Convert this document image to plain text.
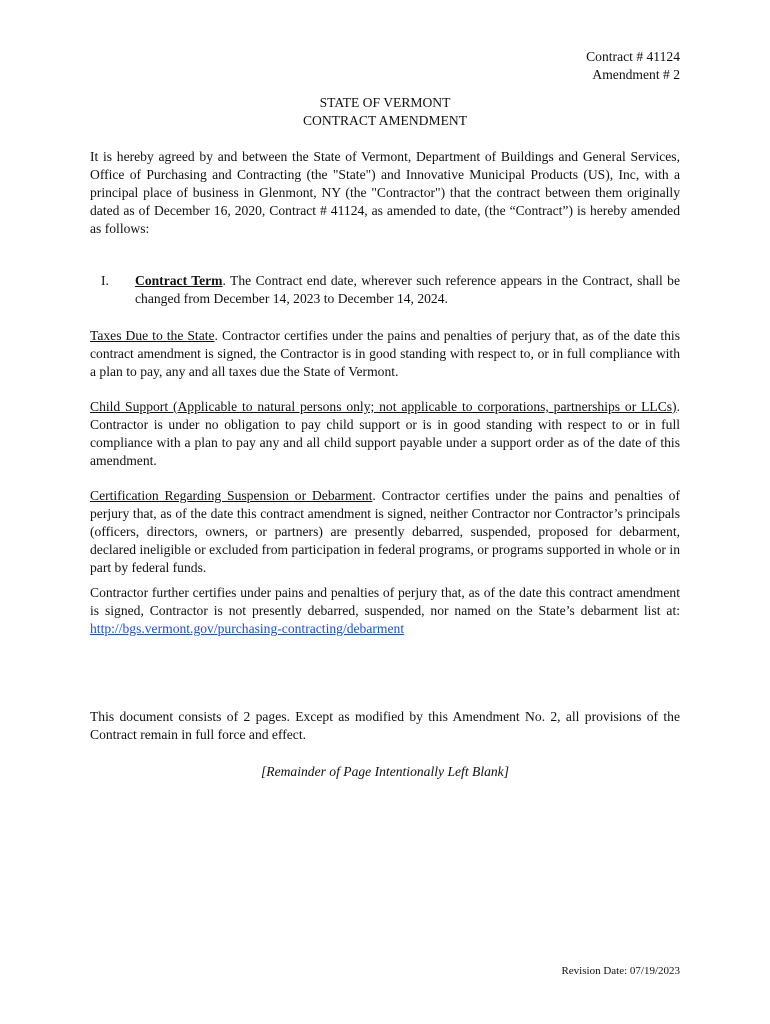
Contract # 41124
Amendment # 2
STATE OF VERMONT
CONTRACT AMENDMENT
It is hereby agreed by and between the State of Vermont, Department of Buildings and General Services, Office of Purchasing and Contracting (the "State") and Innovative Municipal Products (US), Inc, with a principal place of business in Glenmont, NY (the "Contractor") that the contract between them originally dated as of December 16, 2020, Contract # 41124, as amended to date, (the “Contract”) is hereby amended as follows:
I. Contract Term. The Contract end date, wherever such reference appears in the Contract, shall be changed from December 14, 2023 to December 14, 2024.
Taxes Due to the State. Contractor certifies under the pains and penalties of perjury that, as of the date this contract amendment is signed, the Contractor is in good standing with respect to, or in full compliance with a plan to pay, any and all taxes due the State of Vermont.
Child Support (Applicable to natural persons only; not applicable to corporations, partnerships or LLCs). Contractor is under no obligation to pay child support or is in good standing with respect to or in full compliance with a plan to pay any and all child support payable under a support order as of the date of this amendment.
Certification Regarding Suspension or Debarment. Contractor certifies under the pains and penalties of perjury that, as of the date this contract amendment is signed, neither Contractor nor Contractor’s principals (officers, directors, owners, or partners) are presently debarred, suspended, proposed for debarment, declared ineligible or excluded from participation in federal programs, or programs supported in whole or in part by federal funds.
Contractor further certifies under pains and penalties of perjury that, as of the date this contract amendment is signed, Contractor is not presently debarred, suspended, nor named on the State’s debarment list at: http://bgs.vermont.gov/purchasing-contracting/debarment
This document consists of 2 pages. Except as modified by this Amendment No. 2, all provisions of the Contract remain in full force and effect.
[Remainder of Page Intentionally Left Blank]
Revision Date: 07/19/2023
